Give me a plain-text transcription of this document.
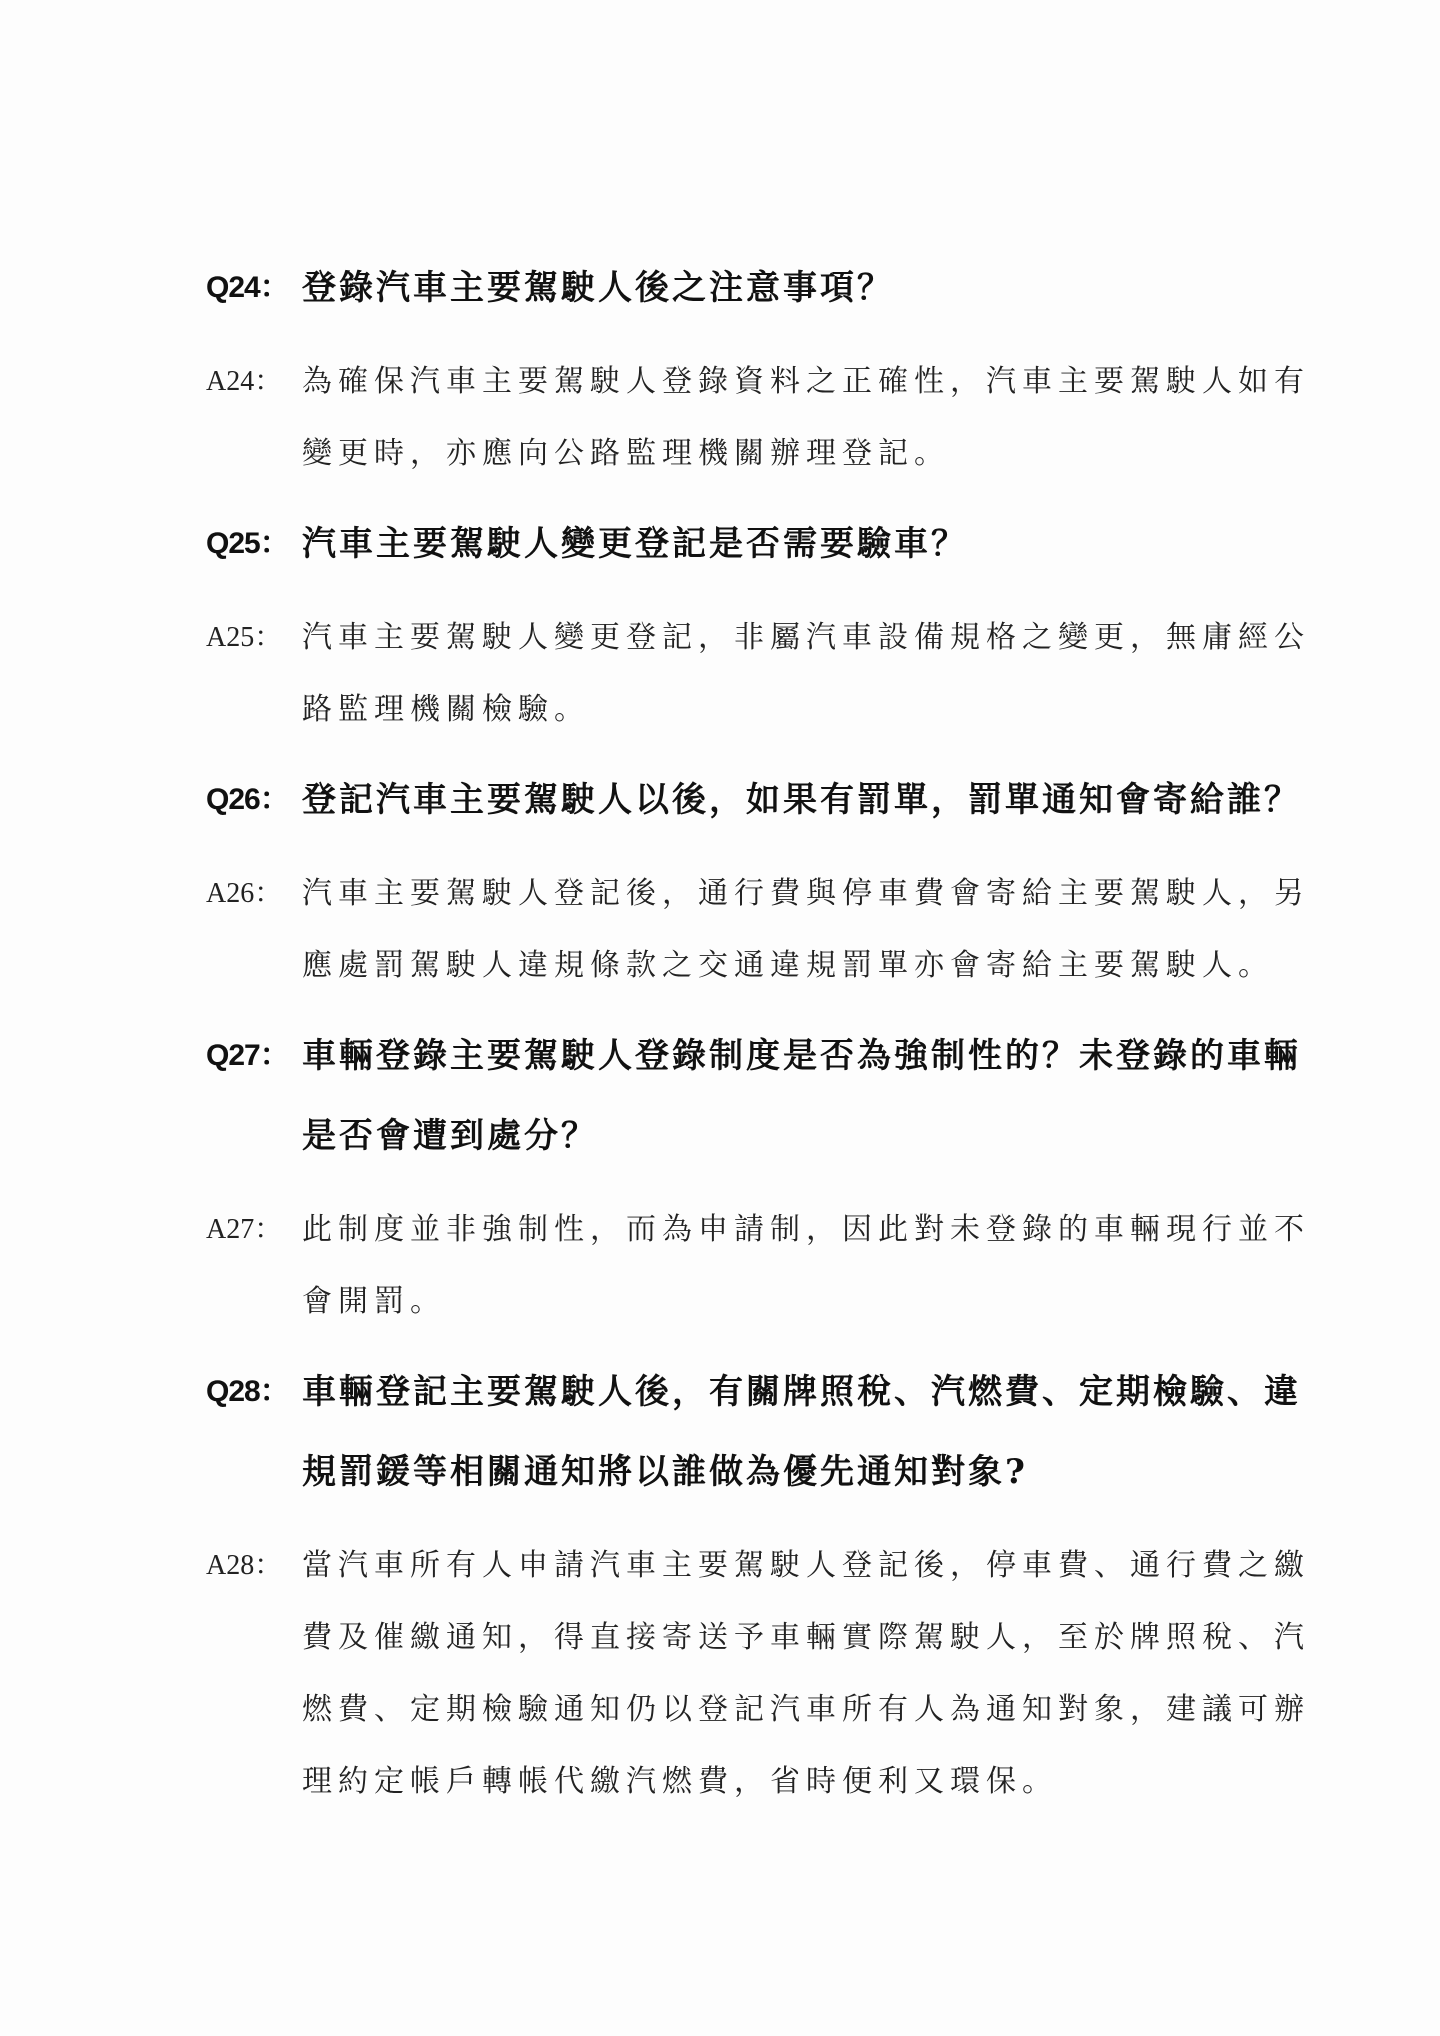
Q24： 登錄汽車主要駕駛人後之注意事項？
A24： 為確保汽車主要駕駛人登錄資料之正確性，汽車主要駕駛人如有變更時，亦應向公路監理機關辦理登記。
Q25： 汽車主要駕駛人變更登記是否需要驗車？
A25： 汽車主要駕駛人變更登記，非屬汽車設備規格之變更，無庸經公路監理機關檢驗。
Q26： 登記汽車主要駕駛人以後，如果有罰單，罰單通知會寄給誰？
A26： 汽車主要駕駛人登記後，通行費與停車費會寄給主要駕駛人，另應處罰駕駛人違規條款之交通違規罰單亦會寄給主要駕駛人。
Q27： 車輛登錄主要駕駛人登錄制度是否為強制性的？未登錄的車輛是否會遭到處分？
A27： 此制度並非強制性，而為申請制，因此對未登錄的車輛現行並不會開罰。
Q28： 車輛登記主要駕駛人後，有關牌照稅、汽燃費、定期檢驗、違規罰鍰等相關通知將以誰做為優先通知對象?
A28： 當汽車所有人申請汽車主要駕駛人登記後，停車費、通行費之繳費及催繳通知，得直接寄送予車輛實際駕駛人，至於牌照稅、汽燃費、定期檢驗通知仍以登記汽車所有人為通知對象，建議可辦理約定帳戶轉帳代繳汽燃費，省時便利又環保。
